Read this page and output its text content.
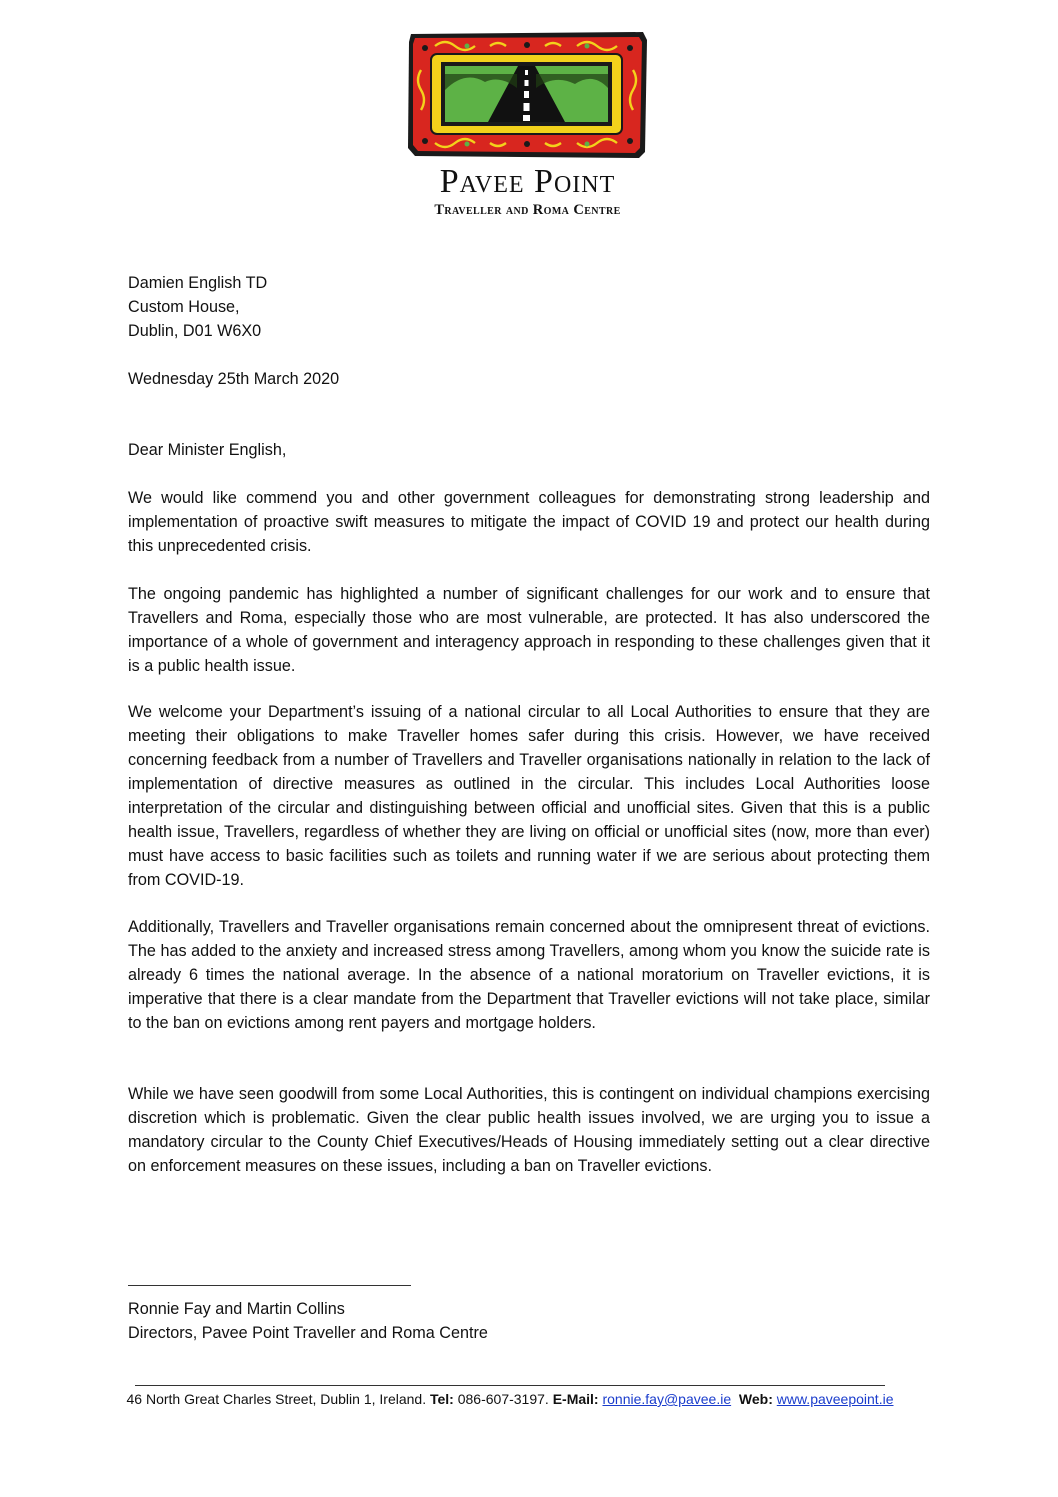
Pavee Point
Traveller and Roma Centre
Damien English TD
Custom House,
Dublin, D01 W6X0
Wednesday 25th March 2020
Dear Minister English,
We would like commend you and other government colleagues for demonstrating strong leadership and implementation of proactive swift measures to mitigate the impact of COVID 19 and protect our health during this unprecedented crisis.
The ongoing pandemic has highlighted a number of significant challenges for our work and to ensure that Travellers and Roma, especially those who are most vulnerable, are protected. It has also underscored the importance of a whole of government and interagency approach in responding to these challenges given that it is a public health issue.
We welcome your Department’s issuing of a national circular to all Local Authorities to ensure that they are meeting their obligations to make Traveller homes safer during this crisis. However, we have received concerning feedback from a number of Travellers and Traveller organisations nationally in relation to the lack of implementation of directive measures as outlined in the circular. This includes Local Authorities loose interpretation of the circular and distinguishing between official and unofficial sites. Given that this is a public health issue, Travellers, regardless of whether they are living on official or unofficial sites (now, more than ever) must have access to basic facilities such as toilets and running water if we are serious about protecting them from COVID-19.
Additionally, Travellers and Traveller organisations remain concerned about the omnipresent threat of evictions. The has added to the anxiety and increased stress among Travellers, among whom you know the suicide rate is already 6 times the national average. In the absence of a national moratorium on Traveller evictions, it is imperative that there is a clear mandate from the Department that Traveller evictions will not take place, similar to the ban on evictions among rent payers and mortgage holders.
While we have seen goodwill from some Local Authorities, this is contingent on individual champions exercising discretion which is problematic. Given the clear public health issues involved, we are urging you to issue a mandatory circular to the County Chief Executives/Heads of Housing immediately setting out a clear directive on enforcement measures on these issues, including a ban on Traveller evictions.
Ronnie Fay and Martin Collins
Directors, Pavee Point Traveller and Roma Centre
46 North Great Charles Street, Dublin 1, Ireland. Tel: 086-607-3197. E-Mail: ronnie.fay@pavee.ie Web: www.paveepoint.ie
